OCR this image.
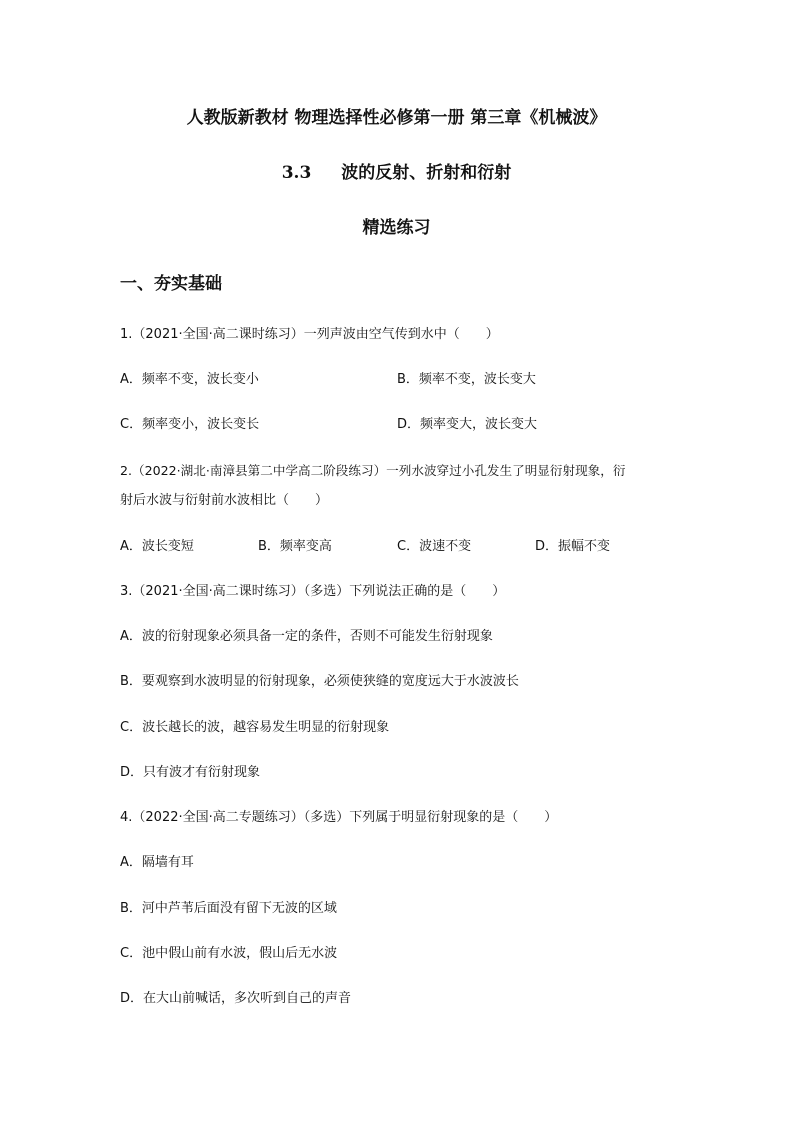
人教版新教材 物理选择性必修第一册 第三章《机械波》
3.3 波的反射、折射和衍射
精选练习
一、夯实基础
1.（2021·全国·高二课时练习）一列声波由空气传到水中（　　）
A．频率不变，波长变小	B．频率不变，波长变大
C．频率变小，波长变长	D．频率变大，波长变大
2.（2022·湖北·南漳县第二中学高二阶段练习）一列水波穿过小孔发生了明显衍射现象，衍
射后水波与衍射前水波相比（　　）
A．波长变短	B．频率变高	C．波速不变	D．振幅不变
3.（2021·全国·高二课时练习）（多选）下列说法正确的是（　　）
A．波的衍射现象必须具备一定的条件，否则不可能发生衍射现象
B．要观察到水波明显的衍射现象，必须使狭缝的宽度远大于水波波长
C．波长越长的波，越容易发生明显的衍射现象
D．只有波才有衍射现象
4.（2022·全国·高二专题练习）（多选）下列属于明显衍射现象的是（　　）
A．隔墙有耳
B．河中芦苇后面没有留下无波的区域
C．池中假山前有水波，假山后无水波
D．在大山前喊话，多次听到自己的声音
